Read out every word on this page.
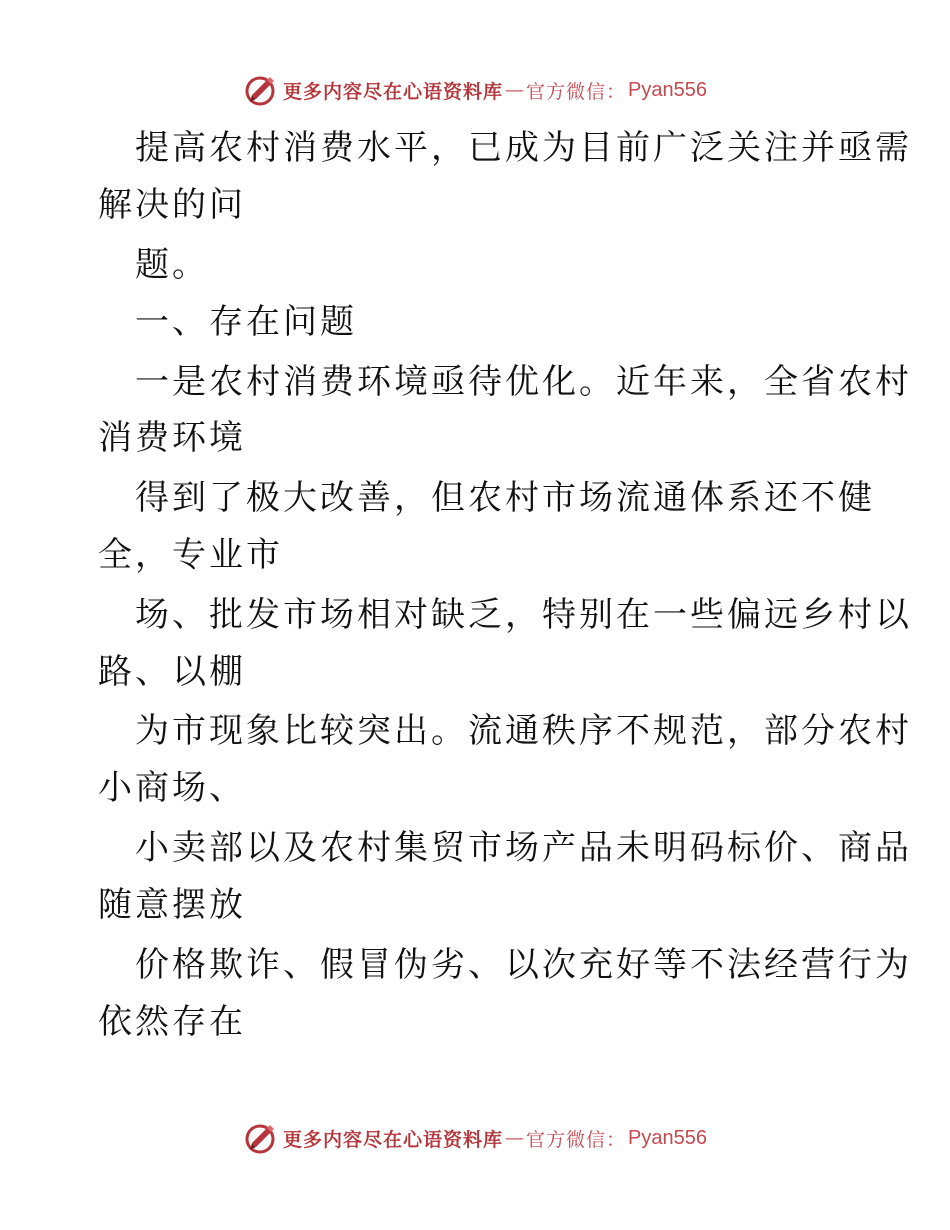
更多内容尽在心语资料库 — 官方微信： Pyan556
提高农村消费水平，已成为目前广泛关注并亟需
解决的问
题。
一、存在问题
一是农村消费环境亟待优化。近年来，全省农村
消费环境
得到了极大改善，但农村市场流通体系还不健
全，专业市
场、批发市场相对缺乏，特别在一些偏远乡村以
路、以棚
为市现象比较突出。流通秩序不规范，部分农村
小商场、
小卖部以及农村集贸市场产品未明码标价、商品
随意摆放
价格欺诈、假冒伪劣、以次充好等不法经营行为
依然存在
更多内容尽在心语资料库 — 官方微信： Pyan556
